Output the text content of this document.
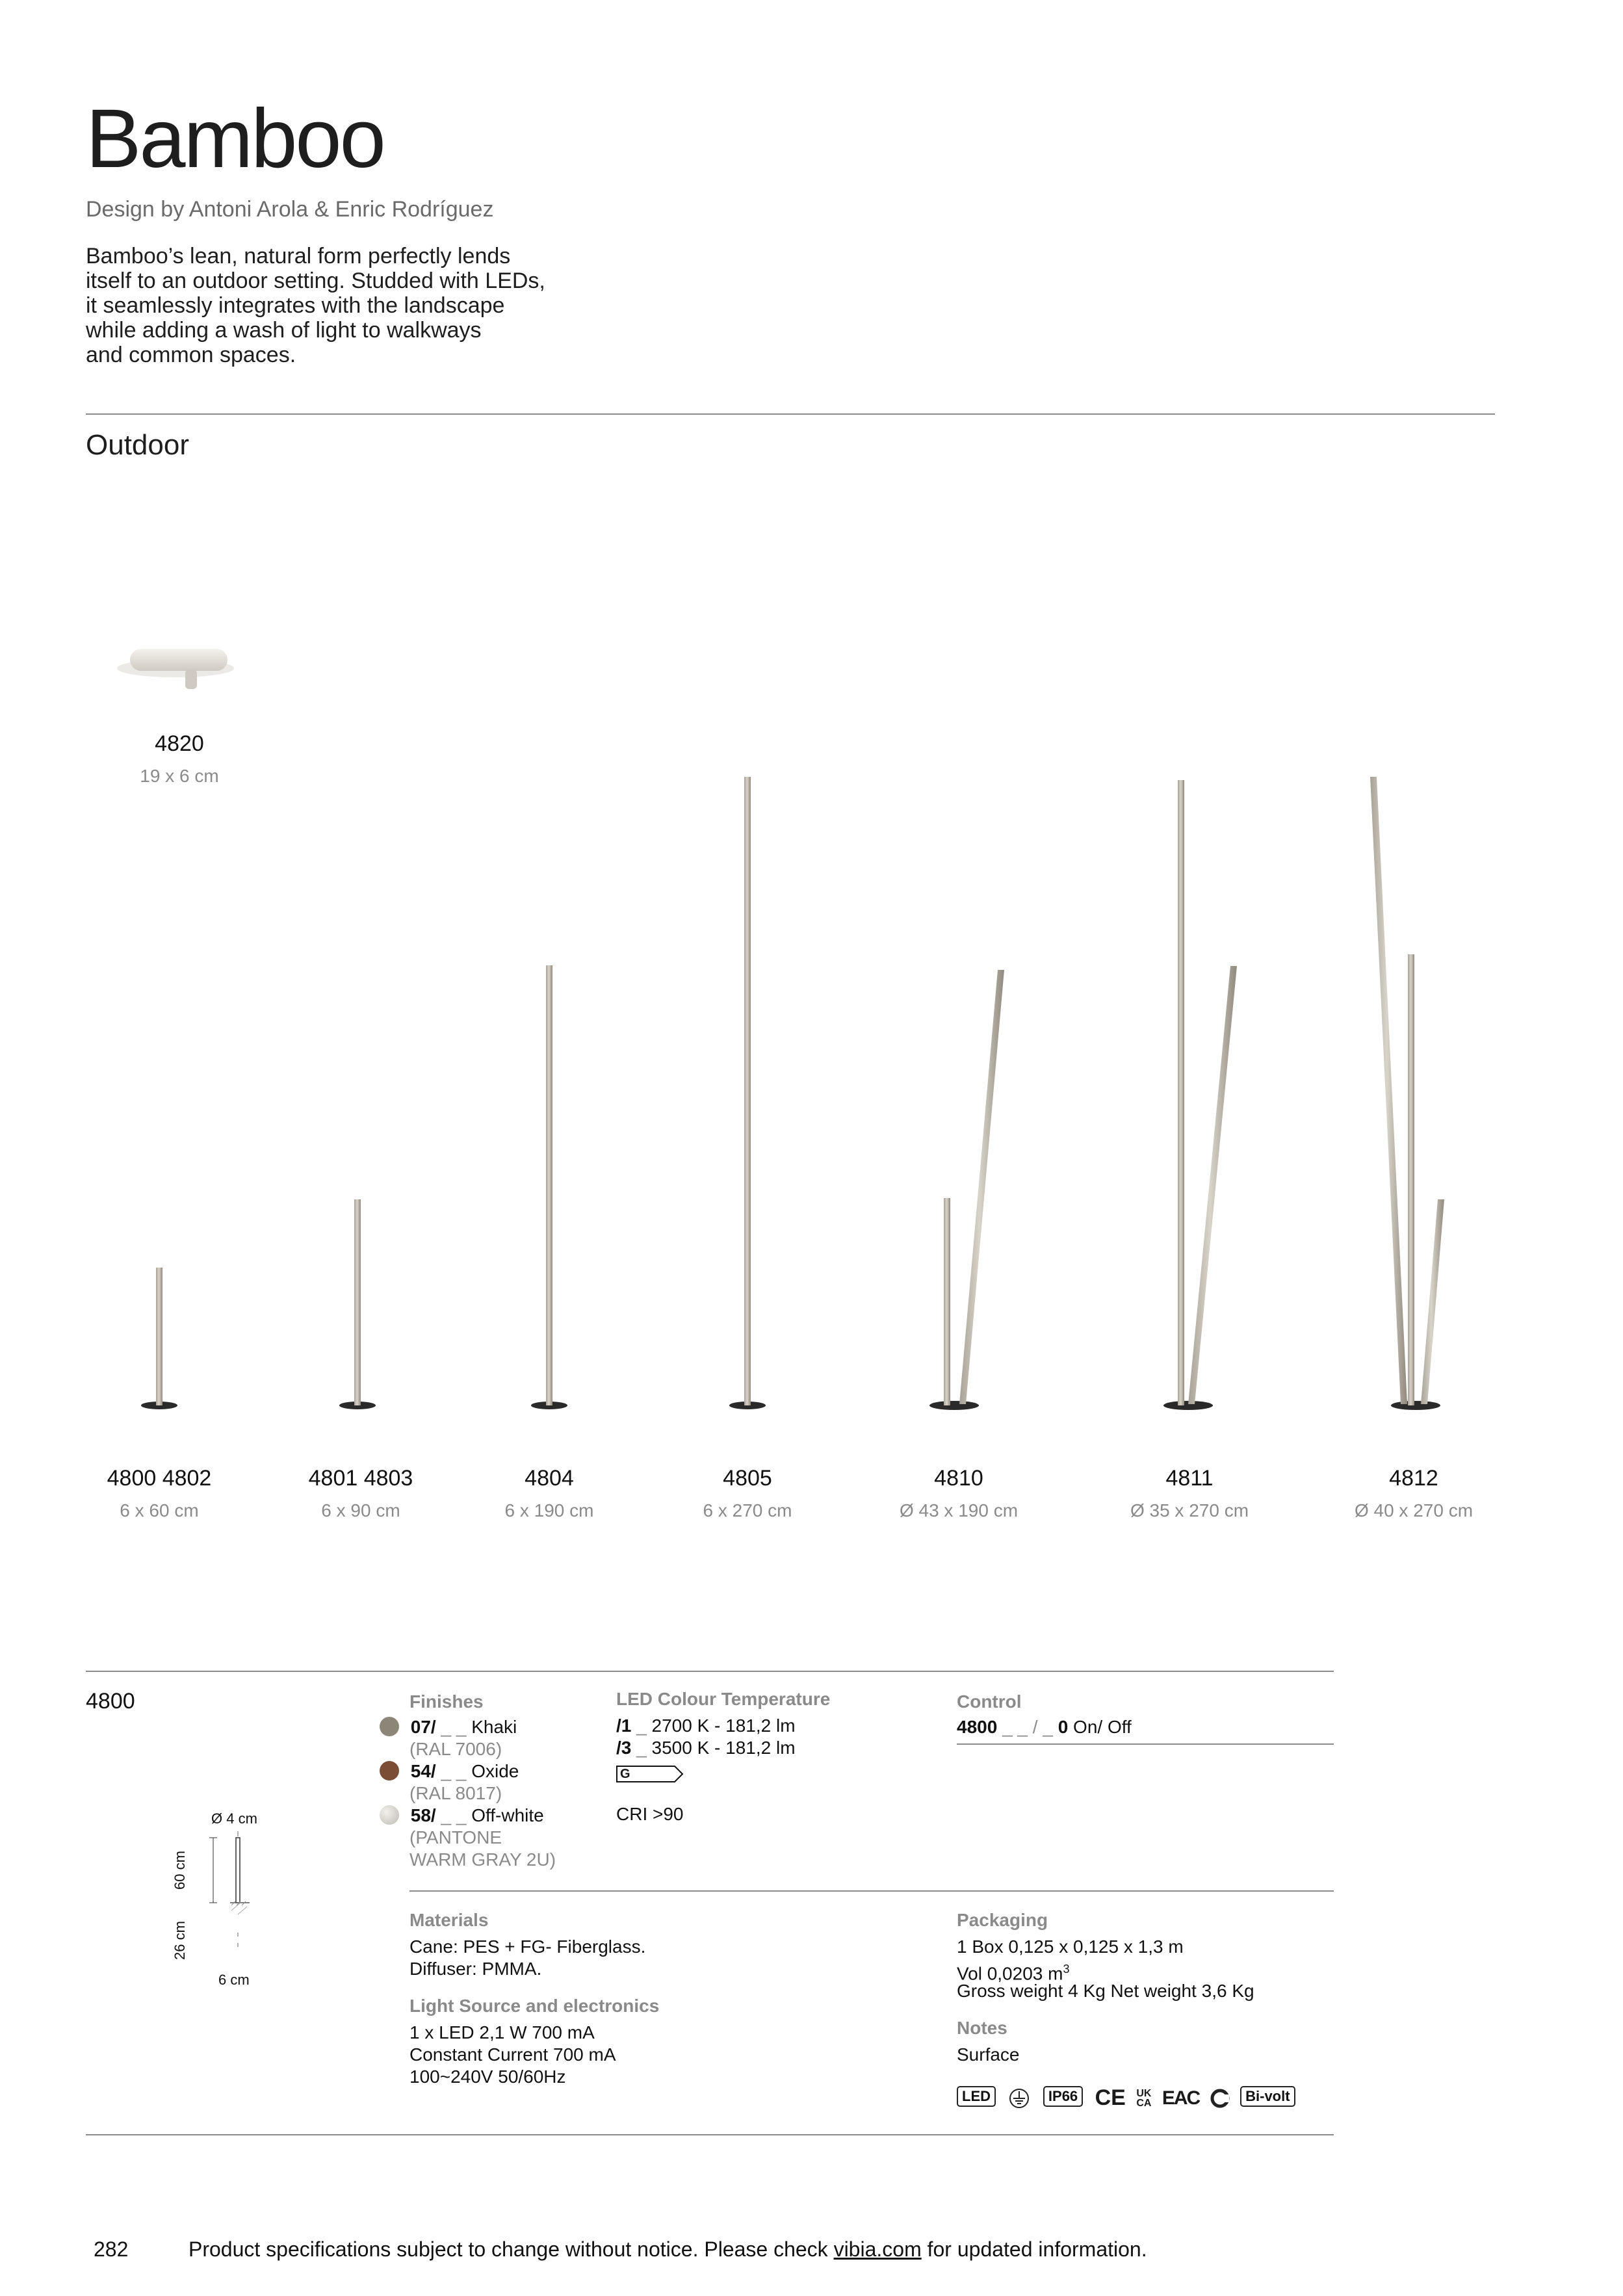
Bamboo
Design by Antoni Arola & Enric Rodríguez
Bamboo’s lean, natural form perfectly lends
itself to an outdoor setting. Studded with LEDs,
it seamlessly integrates with the landscape
while adding a wash of light to walkways
and common spaces.
Outdoor
4820
19 x 6 cm
4800 4802
6 x 60 cm
4801 4803
6 x 90 cm
4804
6 x 190 cm
4805
6 x 270 cm
4810
Ø 43 x 190 cm
4811
Ø 35 x 270 cm
4812
Ø 40 x 270 cm
4800
Ø 4 cm
60 cm
26 cm
6 cm
Finishes
07/ _ _ Khaki
(RAL 7006)
54/ _ _ Oxide
(RAL 8017)
58/ _ _ Off-white
(PANTONE
WARM GRAY 2U)
LED Colour Temperature
/1 _ 2700 K - 181,2 lm
/3 _ 3500 K - 181,2 lm
G
CRI >90
Control
4800 _ _ / _ 0 On/ Off
Materials
Cane: PES + FG- Fiberglass.
Diffuser: PMMA.
Light Source and electronics
1 x LED 2,1 W 700 mA
Constant Current 700 mA
100~240V 50/60Hz
Packaging
1 Box 0,125 x 0,125 x 1,3 m
Vol 0,0203 $m^3$
Gross weight 4 Kg Net weight 3,6 Kg
Notes
Surface
LED	IP66 CE UK
CA EAC	Bi-volt
282	Product specifications subject to change without notice. Please check vibia.com for updated information.
